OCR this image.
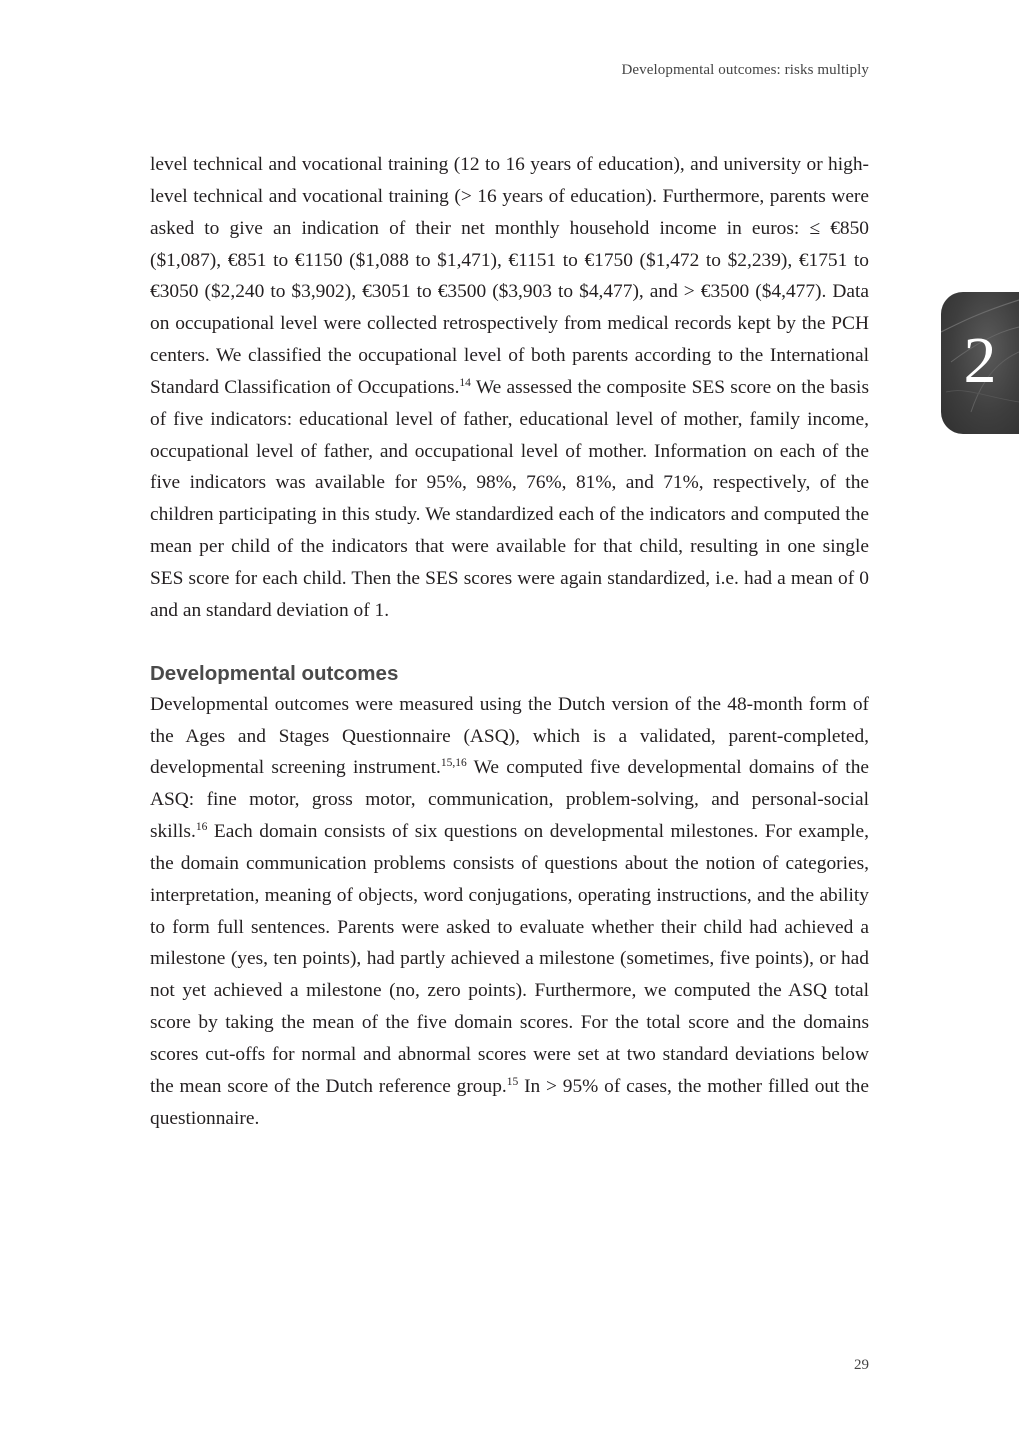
Developmental outcomes: risks multiply
2

level technical and vocational training (12 to 16 years of education), and university or high-level technical and vocational training (> 16 years of education). Furthermore, parents were asked to give an indication of their net monthly household income in euros: ≤ €850 ($1,087), €851 to €1150 ($1,088 to $1,471), €1151 to €1750 ($1,472 to $2,239), €1751 to €3050 ($2,240 to $3,902), €3051 to €3500 ($3,903 to $4,477), and > €3500 ($4,477). Data on occupational level were collected retrospectively from medical records kept by the PCH centers. We classified the occupational level of both parents according to the International Standard Classification of Occupations.$^{14}$ We assessed the composite SES score on the basis of five indicators: educational level of father, educational level of mother, family income, occupational level of father, and occupational level of mother. Information on each of the five indicators was available for 95%, 98%, 76%, 81%, and 71%, respectively, of the children participating in this study. We standardized each of the indicators and computed the mean per child of the indicators that were available for that child, resulting in one single SES score for each child. Then the SES scores were again standardized, i.e. had a mean of 0 and an standard deviation of 1.

Developmental outcomes

Developmental outcomes were measured using the Dutch version of the 48-month form of the Ages and Stages Questionnaire (ASQ), which is a validated, parent-completed, developmental screening instrument.$^{15,16}$ We computed five developmental domains of the ASQ: fine motor, gross motor, communication, problem-solving, and personal-social skills.$^{16}$ Each domain consists of six questions on developmental milestones. For example, the domain communication problems consists of questions about the notion of categories, interpretation, meaning of objects, word conjugations, operating instructions, and the ability to form full sentences. Parents were asked to evaluate whether their child had achieved a milestone (yes, ten points), had partly achieved a milestone (sometimes, five points), or had not yet achieved a milestone (no, zero points). Furthermore, we computed the ASQ total score by taking the mean of the five domain scores. For the total score and the domains scores cut-offs for normal and abnormal scores were set at two standard deviations below the mean score of the Dutch reference group.$^{15}$ In > 95% of cases, the mother filled out the questionnaire.

29
